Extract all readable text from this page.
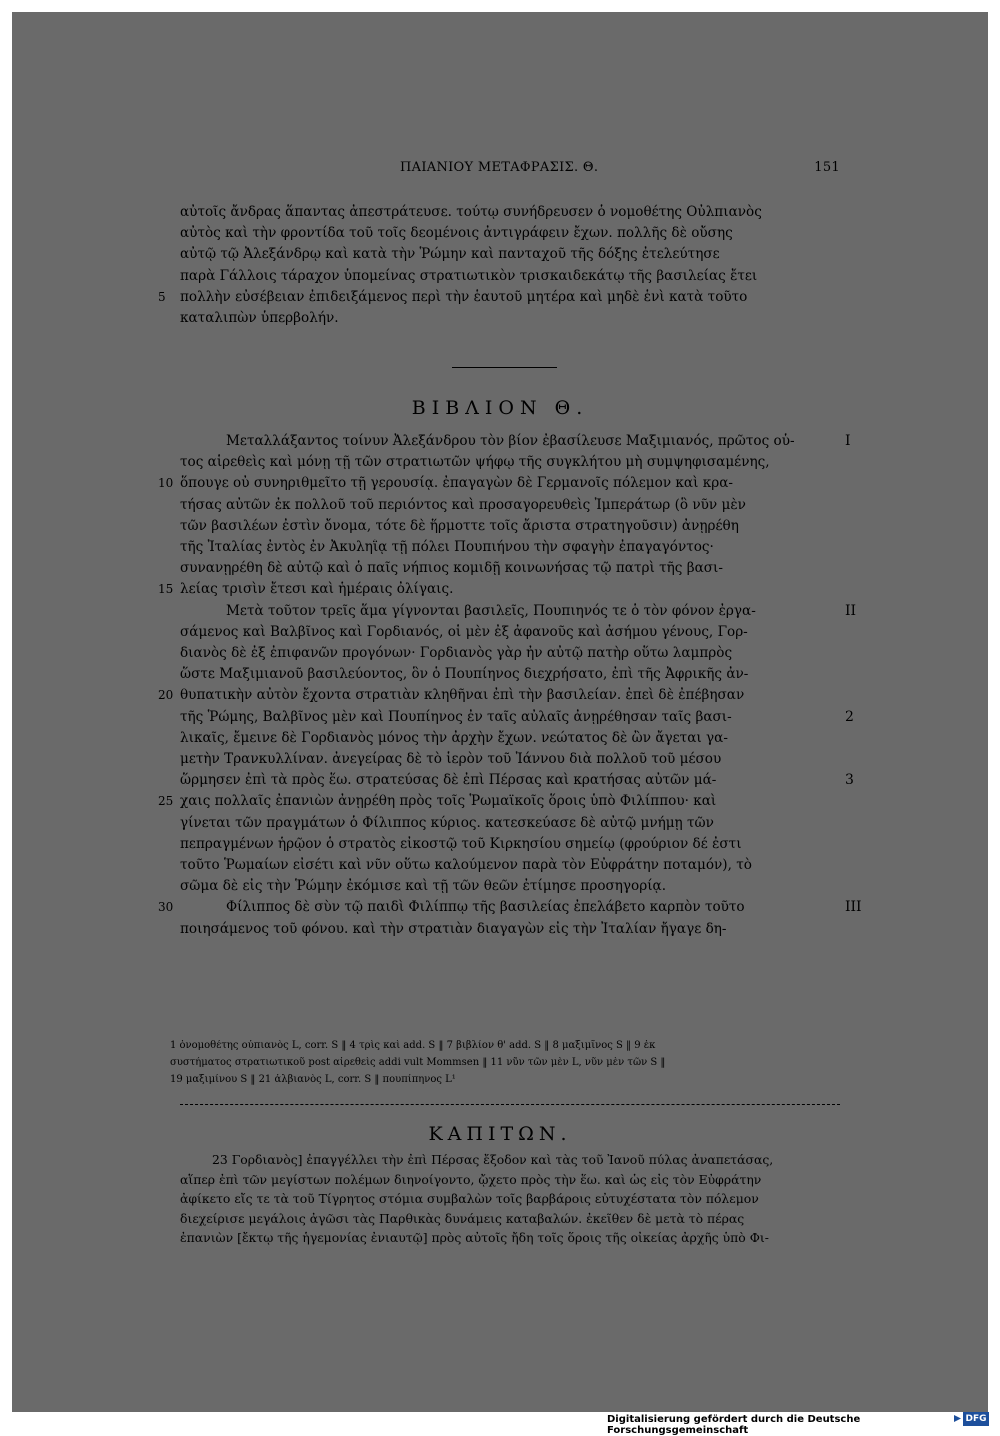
ΠΑΙΑΝΙΟΥ ΜΕΤΑΦΡΑΣΙΣ. Θ.	151
αὐτοῖς ἄνδρας ἅπαντας ἀπεστράτευσε. τούτῳ συνήδρευσεν ὁ νομοθέτης Οὐλπιανὸς
αὐτὸς καὶ τὴν φροντίδα τοῦ τοῖς δεομένοις ἀντιγράφειν ἔχων. πολλῆς δὲ οὔσης
αὐτῷ τῷ Ἀλεξάνδρῳ καὶ κατὰ τὴν Ῥώμην καὶ πανταχοῦ τῆς δόξης ἐτελεύτησε
παρὰ Γάλλοις τάραχον ὑπομείνας στρατιωτικὸν τρισκαιδεκάτῳ τῆς βασιλείας ἔτει
πολλὴν εὐσέβειαν ἐπιδειξάμενος περὶ τὴν ἑαυτοῦ μητέρα καὶ μηδὲ ἑνὶ κατὰ τοῦτο
5
καταλιπὼν ὑπερβολήν.
ΒΙΒΛΙΟΝ Θ.
Μεταλλάξαντος τοίνυν Ἀλεξάνδρου τὸν βίον ἐβασίλευσε Μαξιμιανός, πρῶτος οὗ-	I
τος αἱρεθεὶς καὶ μόνῃ τῇ τῶν στρατιωτῶν ψήφῳ τῆς συγκλήτου μὴ συμψηφισαμένης,
ὅπουγε οὐ συνηριθμεῖτο τῇ γερουσίᾳ. ἐπαγαγὼν δὲ Γερμανοῖς πόλεμον καὶ κρα-
10
τήσας αὐτῶν ἐκ πολλοῦ τοῦ περιόντος καὶ προσαγορευθεὶς Ἰμπεράτωρ (ὃ νῦν μὲν
τῶν βασιλέων ἐστὶν ὄνομα, τότε δὲ ἥρμοττε τοῖς ἄριστα στρατηγοῦσιν) ἀνῃρέθη
τῆς Ἰταλίας ἐντὸς ἐν Ἀκυληΐᾳ τῇ πόλει Πουπιήνου τὴν σφαγὴν ἐπαγαγόντος·
συνανῃρέθη δὲ αὐτῷ καὶ ὁ παῖς νήπιος κομιδῇ κοινωνήσας τῷ πατρὶ τῆς βασι-
λείας τρισὶν ἔτεσι καὶ ἡμέραις ὀλίγαις.
15
Μετὰ τοῦτον τρεῖς ἅμα γίγνονται βασιλεῖς, Πουπιηνός τε ὁ τὸν φόνον ἐργα-	II
σάμενος καὶ Βαλβῖνος καὶ Γορδιανός, οἱ μὲν ἐξ ἀφανοῦς καὶ ἀσήμου γένους, Γορ-
διανὸς δὲ ἐξ ἐπιφανῶν προγόνων· Γορδιανὸς γὰρ ἦν αὐτῷ πατὴρ οὕτω λαμπρὸς
ὥστε Μαξιμιανοῦ βασιλεύοντος, ὃν ὁ Πουπίηνος διεχρήσατο, ἐπὶ τῆς Ἀφρικῆς ἀν-
θυπατικὴν αὐτὸν ἔχοντα στρατιὰν κληθῆναι ἐπὶ τὴν βασιλείαν. ἐπεὶ δὲ ἐπέβησαν
20
τῆς Ῥώμης, Βαλβῖνος μὲν καὶ Πουπίηνος ἐν ταῖς αὐλαῖς ἀνῃρέθησαν ταῖς βασι-	2
λικαῖς, ἔμεινε δὲ Γορδιανὸς μόνος τὴν ἀρχὴν ἔχων. νεώτατος δὲ ὢν ἄγεται γα-
μετὴν Τρανκυλλίναν. ἀνεγείρας δὲ τὸ ἱερὸν τοῦ Ἰάννου διὰ πολλοῦ τοῦ μέσου
ὥρμησεν ἐπὶ τὰ πρὸς ἕω. στρατεύσας δὲ ἐπὶ Πέρσας καὶ κρατήσας αὐτῶν μά-	3
χαις πολλαῖς ἐπανιὼν ἀνῃρέθη πρὸς τοῖς Ῥωμαϊκοῖς ὅροις ὑπὸ Φιλίππου· καὶ
25
γίνεται τῶν πραγμάτων ὁ Φίλιππος κύριος. κατεσκεύασε δὲ αὐτῷ μνήμῃ τῶν
πεπραγμένων ἡρῷον ὁ στρατὸς εἰκοστῷ τοῦ Κιρκησίου σημείῳ (φρούριον δέ ἐστι
τοῦτο Ῥωμαίων εἰσέτι καὶ νῦν οὕτω καλούμενον παρὰ τὸν Εὐφράτην ποταμόν), τὸ
σῶμα δὲ εἰς τὴν Ῥώμην ἐκόμισε καὶ τῇ τῶν θεῶν ἐτίμησε προσηγορίᾳ.
Φίλιππος δὲ σὺν τῷ παιδὶ Φιλίππῳ τῆς βασιλείας ἐπελάβετο καρπὸν τοῦτο
30	III
ποιησάμενος τοῦ φόνου. καὶ τὴν στρατιὰν διαγαγὼν εἰς τὴν Ἰταλίαν ἤγαγε δη-
1 ὁνομοθέτης οὐπιανὸς L, corr. S ‖ 4 τρὶς καὶ add. S ‖ 7 βιβλίον θ' add. S ‖ 8 μαξιμῖνος S ‖ 9 ἐκ
συστήματος στρατιωτικοῦ post αἱρεθεὶς addi vult Mommsen ‖ 11 νῦν τῶν μὲν L, νῦν μὲν τῶν S ‖
19 μαξιμίνου S ‖ 21 ἀλβιανὸς L, corr. S ‖ πουπίπηνος L¹
ΚΑΠΙΤΩΝ.
23 Γορδιανὸς] ἐπαγγέλλει τὴν ἐπὶ Πέρσας ἔξοδον καὶ τὰς τοῦ Ἰανοῦ πύλας ἀναπετάσας,
αἵπερ ἐπὶ τῶν μεγίστων πολέμων διηνοίγοντο, ᾤχετο πρὸς τὴν ἕω. καὶ ὡς εἰς τὸν Εὐφράτην
ἀφίκετο εἴς τε τὰ τοῦ Τίγρητος στόμια συμβαλὼν τοῖς βαρβάροις εὐτυχέστατα τὸν πόλεμον
διεχείρισε μεγάλοις ἀγῶσι τὰς Παρθικὰς δυνάμεις καταβαλών. ἐκεῖθεν δὲ μετὰ τὸ πέρας
ἐπανιὼν [ἔκτῳ τῆς ἡγεμονίας ἐνιαυτῷ] πρὸς αὐτοῖς ἤδη τοῖς ὅροις τῆς οἰκείας ἀρχῆς ὑπὸ Φι-
Digitalisierung gefördert durch die Deutsche Forschungsgemeinschaft
DFG
